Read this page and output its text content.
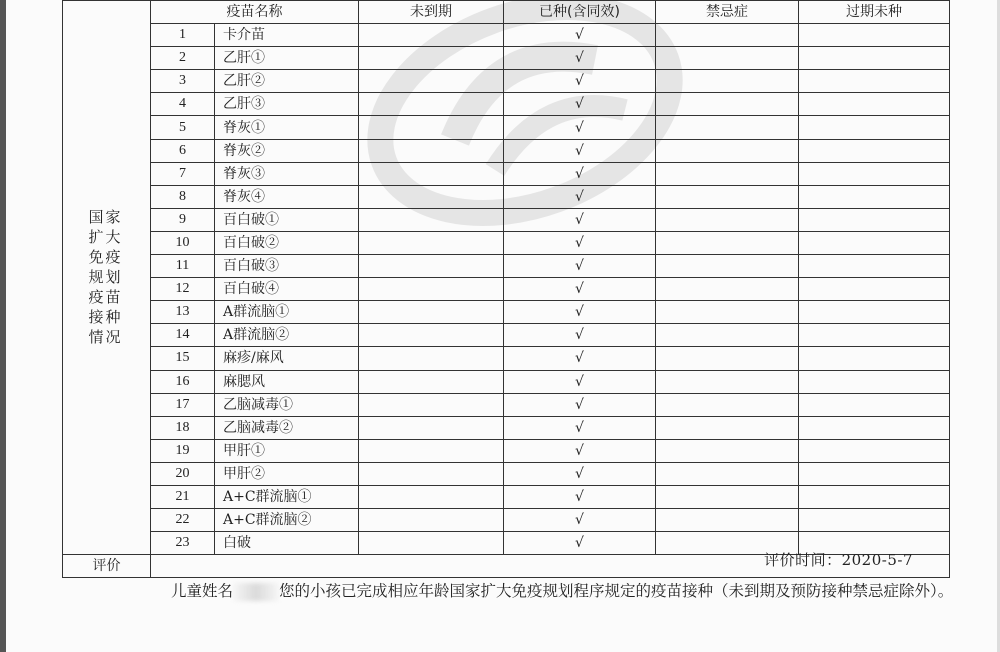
国家扩大免疫规划疫苗接种情况	疫苗名称		未到期	已种(含同效)	禁忌症	过期未种
	1	卡介苗		√		
	2	乙肝①		√		
	3	乙肝②		√		
	4	乙肝③		√		
	5	脊灰①		√		
	6	脊灰②		√		
	7	脊灰③		√		
	8	脊灰④		√		
	9	百白破①		√		
	10	百白破②		√		
	11	百白破③		√		
	12	百白破④		√		
	13	A群流脑①		√		
	14	A群流脑②		√		
	15	麻疹/麻风		√		
	16	麻腮风		√		
	17	乙脑减毒①		√		
	18	乙脑减毒②		√		
	19	甲肝①		√		
	20	甲肝②		√		
	21	A+C群流脑①		√		
	22	A+C群流脑②		√		
	23	白破		√		
评价	儿童姓名 您的小孩已完成相应年龄国家扩大免疫规划程序规定的疫苗接种（未到期及预防接种禁忌症除外）。
评价时间：2020-5-7					
